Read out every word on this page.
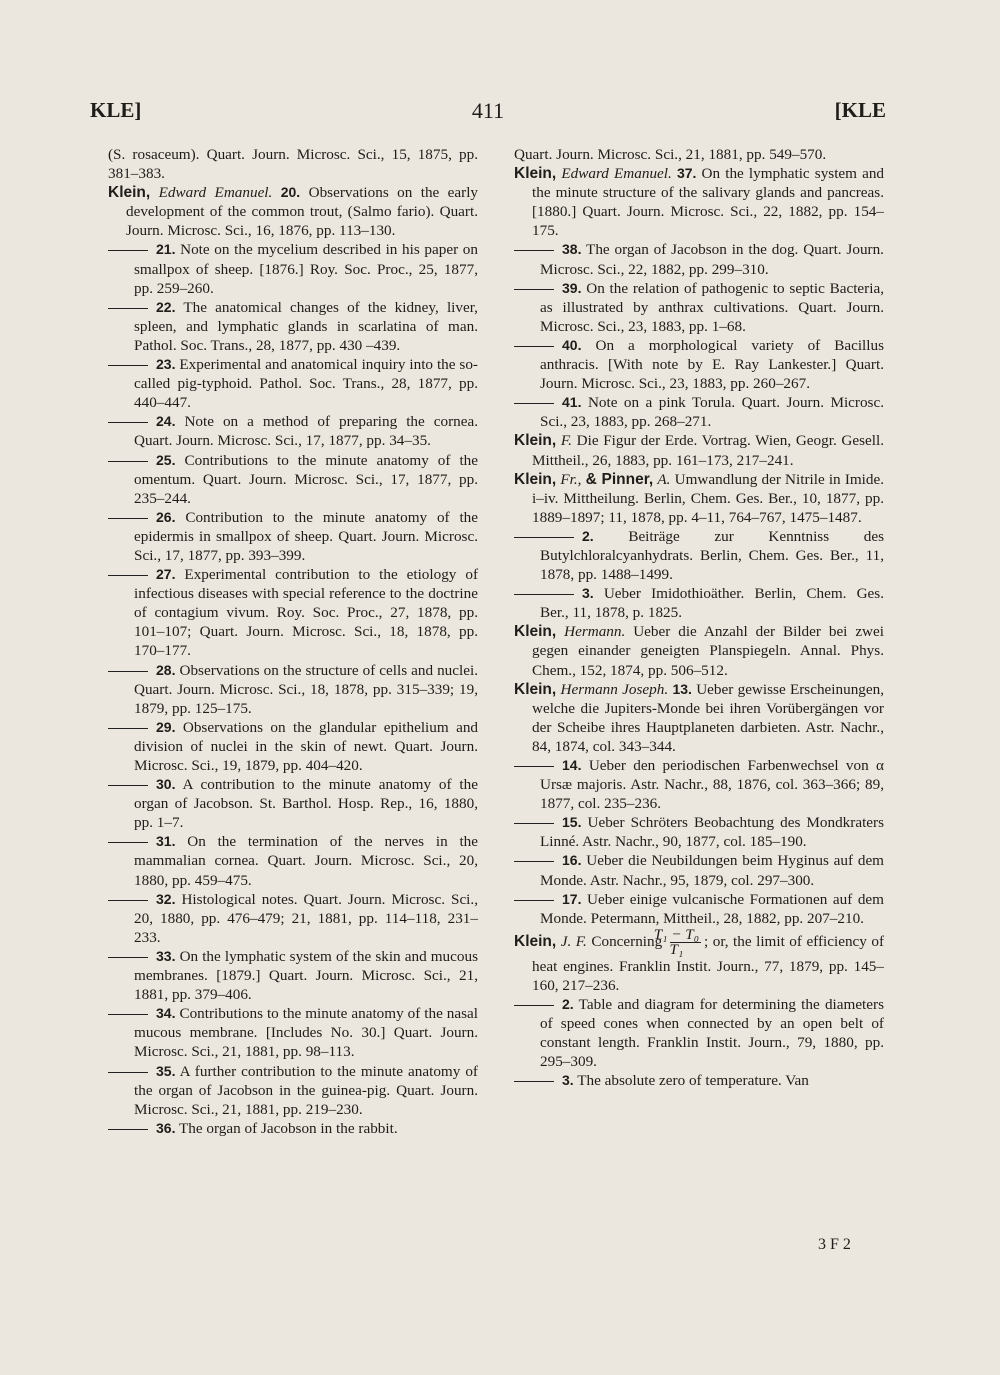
KLE]	411	[KLE

(S. rosaceum). Quart. Journ. Microsc. Sci., 15, 1875, pp. 381–383.

Klein, Edward Emanuel. 20. Observations on the early development of the common trout, (Salmo fario). Quart. Journ. Microsc. Sci., 16, 1876, pp. 113–130.

21. Note on the mycelium described in his paper on smallpox of sheep. [1876.] Roy. Soc. Proc., 25, 1877, pp. 259–260.

22. The anatomical changes of the kidney, liver, spleen, and lymphatic glands in scarlatina of man. Pathol. Soc. Trans., 28, 1877, pp. 430 –439.

23. Experimental and anatomical inquiry into the so-called pig-typhoid. Pathol. Soc. Trans., 28, 1877, pp. 440–447.

24. Note on a method of preparing the cornea. Quart. Journ. Microsc. Sci., 17, 1877, pp. 34–35.

25. Contributions to the minute anatomy of the omentum. Quart. Journ. Microsc. Sci., 17, 1877, pp. 235–244.

26. Contribution to the minute anatomy of the epidermis in smallpox of sheep. Quart. Journ. Microsc. Sci., 17, 1877, pp. 393–399.

27. Experimental contribution to the etiology of infectious diseases with special reference to the doctrine of contagium vivum. Roy. Soc. Proc., 27, 1878, pp. 101–107; Quart. Journ. Microsc. Sci., 18, 1878, pp. 170–177.

28. Observations on the structure of cells and nuclei. Quart. Journ. Microsc. Sci., 18, 1878, pp. 315–339; 19, 1879, pp. 125–175.

29. Observations on the glandular epithelium and division of nuclei in the skin of newt. Quart. Journ. Microsc. Sci., 19, 1879, pp. 404–420.

30. A contribution to the minute anatomy of the organ of Jacobson. St. Barthol. Hosp. Rep., 16, 1880, pp. 1–7.

31. On the termination of the nerves in the mammalian cornea. Quart. Journ. Microsc. Sci., 20, 1880, pp. 459–475.

32. Histological notes. Quart. Journ. Microsc. Sci., 20, 1880, pp. 476–479; 21, 1881, pp. 114–118, 231–233.

33. On the lymphatic system of the skin and mucous membranes. [1879.] Quart. Journ. Microsc. Sci., 21, 1881, pp. 379–406.

34. Contributions to the minute anatomy of the nasal mucous membrane. [Includes No. 30.] Quart. Journ. Microsc. Sci., 21, 1881, pp. 98–113.

35. A further contribution to the minute anatomy of the organ of Jacobson in the guinea-pig. Quart. Journ. Microsc. Sci., 21, 1881, pp. 219–230.

36. The organ of Jacobson in the rabbit.

Quart. Journ. Microsc. Sci., 21, 1881, pp. 549–570.

Klein, Edward Emanuel. 37. On the lymphatic system and the minute structure of the salivary glands and pancreas. [1880.] Quart. Journ. Microsc. Sci., 22, 1882, pp. 154–175.

38. The organ of Jacobson in the dog. Quart. Journ. Microsc. Sci., 22, 1882, pp. 299–310.

39. On the relation of pathogenic to septic Bacteria, as illustrated by anthrax cultivations. Quart. Journ. Microsc. Sci., 23, 1883, pp. 1–68.

40. On a morphological variety of Bacillus anthracis. [With note by E. Ray Lankester.] Quart. Journ. Microsc. Sci., 23, 1883, pp. 260–267.

41. Note on a pink Torula. Quart. Journ. Microsc. Sci., 23, 1883, pp. 268–271.

Klein, F. Die Figur der Erde. Vortrag. Wien, Geogr. Gesell. Mittheil., 26, 1883, pp. 161–173, 217–241.

Klein, Fr., & Pinner, A. Umwandlung der Nitrile in Imide. i–iv. Mittheilung. Berlin, Chem. Ges. Ber., 10, 1877, pp. 1889–1897; 11, 1878, pp. 4–11, 764–767, 1475–1487.

2. Beiträge zur Kenntniss des Butylchloralcyanhydrats. Berlin, Chem. Ges. Ber., 11, 1878, pp. 1488–1499.

3. Ueber Imidothioäther. Berlin, Chem. Ges. Ber., 11, 1878, p. 1825.

Klein, Hermann. Ueber die Anzahl der Bilder bei zwei gegen einander geneigten Planspiegeln. Annal. Phys. Chem., 152, 1874, pp. 506–512.

Klein, Hermann Joseph. 13. Ueber gewisse Erscheinungen, welche die Jupiters-Monde bei ihren Vorübergängen vor der Scheibe ihres Hauptplaneten darbieten. Astr. Nachr., 84, 1874, col. 343–344.

14. Ueber den periodischen Farbenwechsel von α Ursæ majoris. Astr. Nachr., 88, 1876, col. 363–366; 89, 1877, col. 235–236.

15. Ueber Schröters Beobachtung des Mondkraters Linné. Astr. Nachr., 90, 1877, col. 185–190.

16. Ueber die Neubildungen beim Hyginus auf dem Monde. Astr. Nachr., 95, 1879, col. 297–300.

17. Ueber einige vulcanische Formationen auf dem Monde. Petermann, Mittheil., 28, 1882, pp. 207–210.

Klein, J. F. Concerning $\frac{\text{T₁ − T₀}}{\text{T₁}}$ ; or, the limit of efficiency of heat engines. Franklin Instit. Journ., 77, 1879, pp. 145–160, 217–236.

2. Table and diagram for determining the diameters of speed cones when connected by an open belt of constant length. Franklin Instit. Journ., 79, 1880, pp. 295–309.

3. The absolute zero of temperature. Van

3 F 2
